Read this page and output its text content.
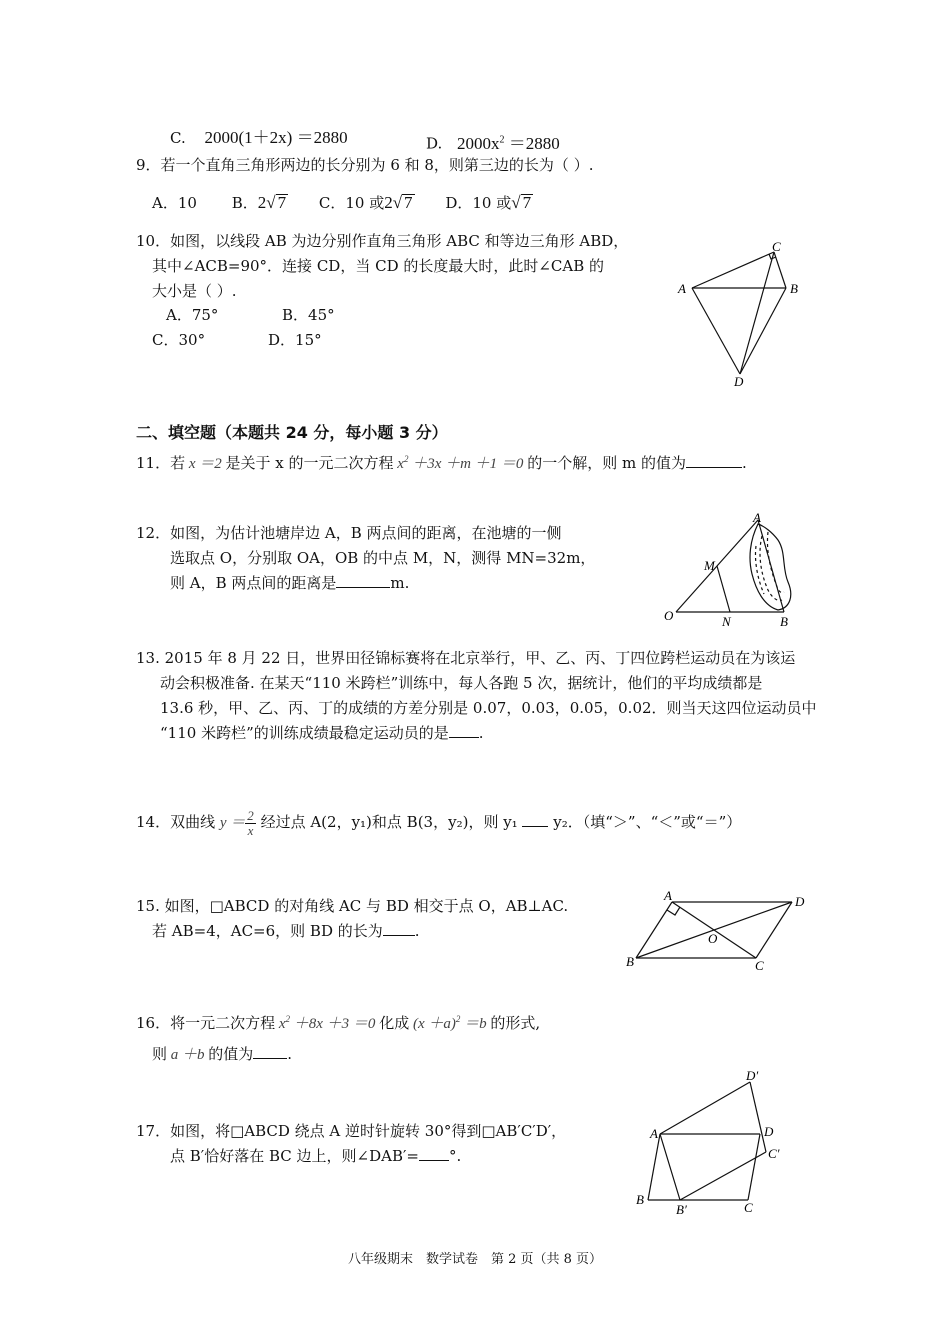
C. 2000(1＋2x) ＝2880	D. $2000x^2 =2880$
9．若一个直角三角形两边的长分别为 6 和 8，则第三边的长为（ ）.
A．10 B．2√ 7 C．10 或2√ 7 D．10 或√ 7
10．如图，以线段 AB 为边分别作直角三角形 ABC 和等边三角形 ABD，
其中∠ACB=90°．连接 CD，当 CD 的长度最大时，此时∠CAB 的
大小是（ ）.
A．75°	B．45°
C．30°	D．15°
A	B
C
D
二、填空题（本题共 24 分，每小题 3 分）
11．若 x ＝2 是关于 x 的一元二次方程 $x^2 +3x +m +1 =0$ 的一个解，则 m 的值为	.
12．如图，为估计池塘岸边 A，B 两点间的距离，在池塘的一侧
选取点 O，分别取 OA，OB 的中点 M，N，测得 MN=32m，
则 A，B 两点间的距离是	m.
A
M
O	N	B
13. 2015 年 8 月 22 日，世界田径锦标赛将在北京举行，甲、乙、丙、丁四位跨栏运动员在为该运
动会积极准备. 在某天“110 米跨栏”训练中，每人各跑 5 次，据统计，他们的平均成绩都是
13.6 秒，甲、乙、丙、丁的成绩的方差分别是 0.07，0.03，0.05，0.02．则当天这四位运动员中
“110 米跨栏”的训练成绩最稳定运动员的是 .
14．双曲线 $y = \frac{2}{x}$ 经过点 A(2，y₁)和点 B(3，y₂)，则 y₁ y₂．（填“＞”、“＜”或“＝”）
15. 如图，□ABCD 的对角线 AC 与 BD 相交于点 O，AB⊥AC.
若 AB=4，AC=6，则 BD 的长为 .
A	D
O
B	C
16．将一元二次方程 $x^2 +8x +3 =0$ 化成 $(x +a)^2 =b$ 的形式,
则 a ＋b 的值为 .
17．如图，将□ABCD 绕点 A 逆时针旋转 30°得到□AB′C′D′，
点 B′恰好落在 BC 边上，则∠DAB′= °.
D′
A	D
C′
B
B′	C
八年级期末　数学试卷　第 2 页（共 8 页）
